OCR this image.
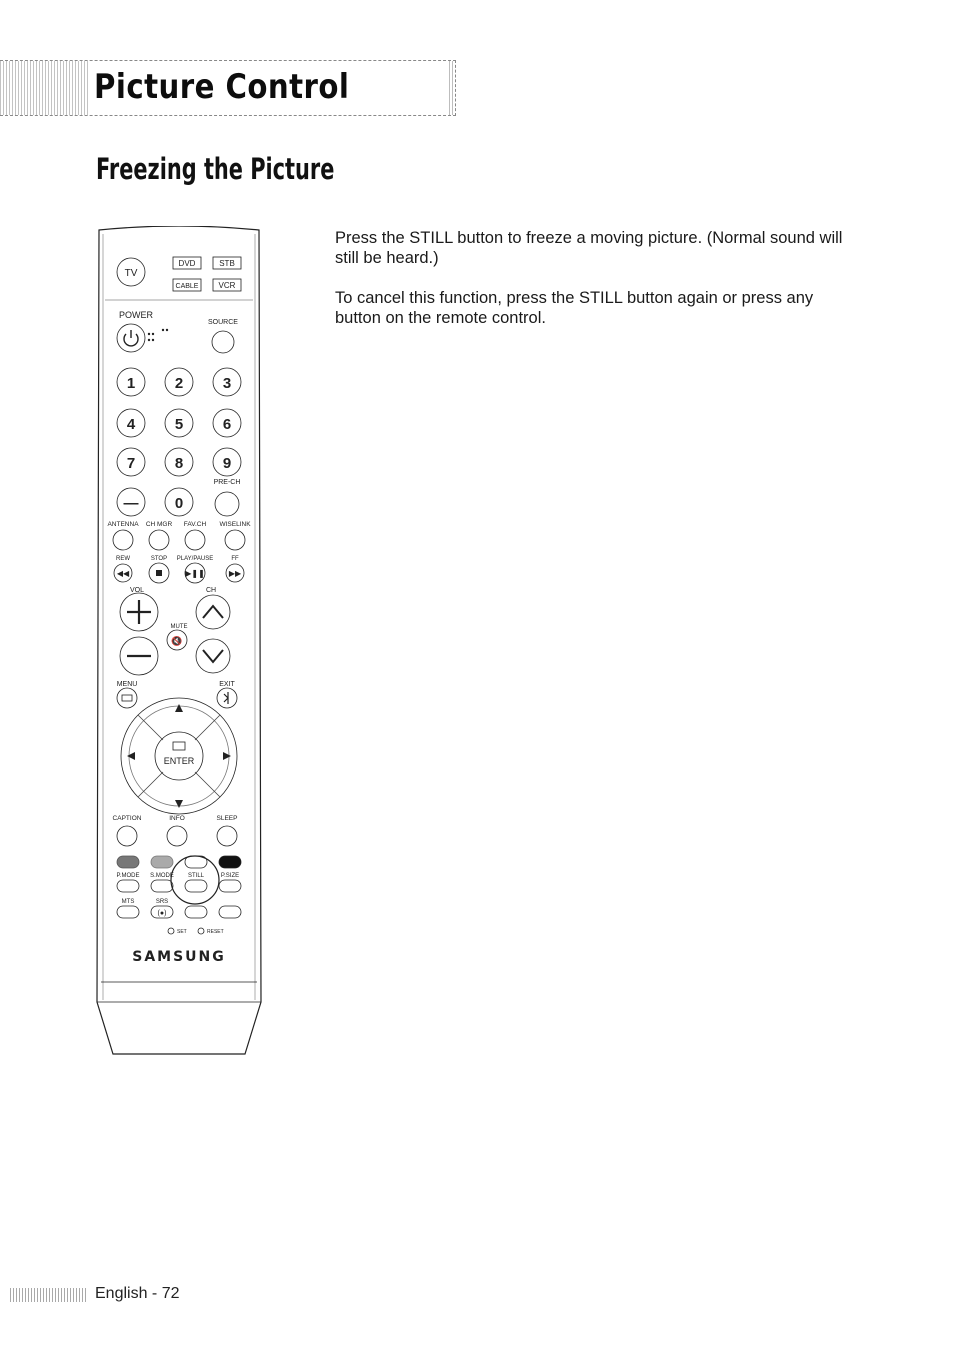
Picture Control
Freezing the Picture

Press the STILL button to freeze a moving picture. (Normal sound will still be heard.)

To cancel this function, press the STILL button again or press any button on the remote control.

TV
DVD	STB
CABLE	VCR
POWER
SOURCE
1	2	3
4	5	6
7	8	9
— 0
PRE-CH
ANTENNA CH MGR FAV.CH WISELINK
REW	STOP PLAY/PAUSE	FF
◀◀	▶❚❚	▶▶
VOL	CH
MUTE
🔇
MENU	EXIT
ENTER
CAPTION	INFO	SLEEP
P.MODE S.MODE STILL	P.SIZE
MTS	SRS
(●)
SET	RESET
SAMSUNG
English - 72
